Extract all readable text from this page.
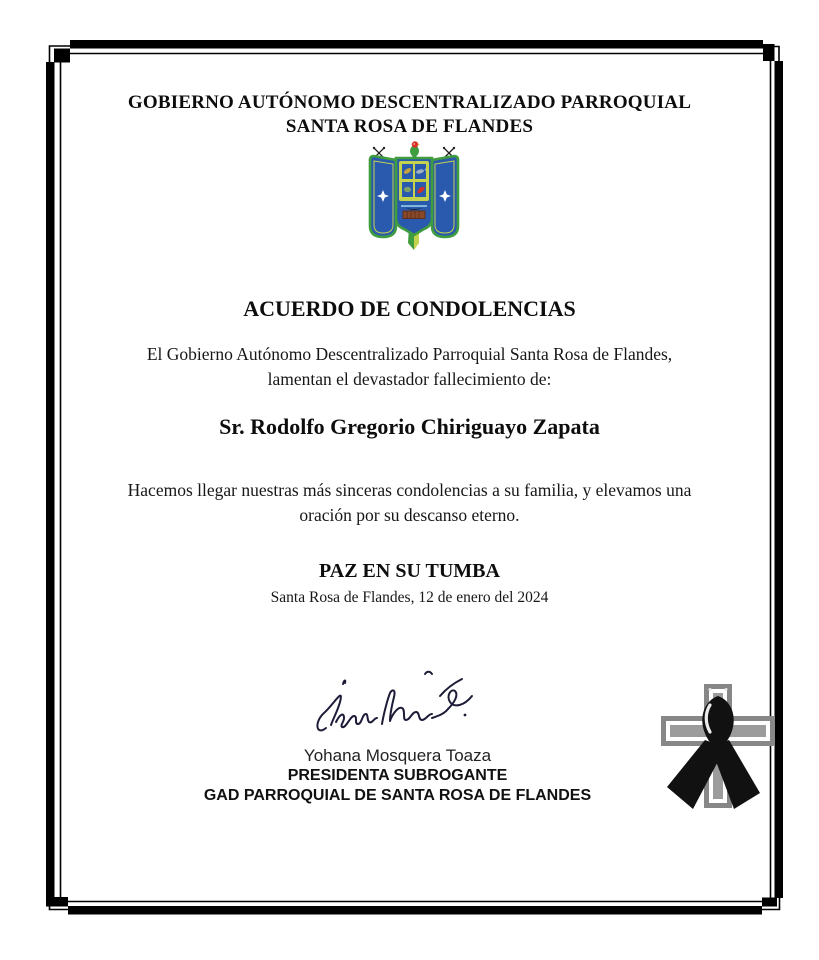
GOBIERNO AUTÓNOMO DESCENTRALIZADO PARROQUIAL
SANTA ROSA DE FLANDES
ACUERDO DE CONDOLENCIAS
El Gobierno Autónomo Descentralizado Parroquial Santa Rosa de Flandes,
lamentan el devastador fallecimiento de:
Sr. Rodolfo Gregorio Chiriguayo Zapata
Hacemos llegar nuestras más sinceras condolencias a su familia, y elevamos una
oración por su descanso eterno.
PAZ EN SU TUMBA
Santa Rosa de Flandes, 12 de enero del 2024
Yohana Mosquera Toaza
PRESIDENTA SUBROGANTE
GAD PARROQUIAL DE SANTA ROSA DE FLANDES
